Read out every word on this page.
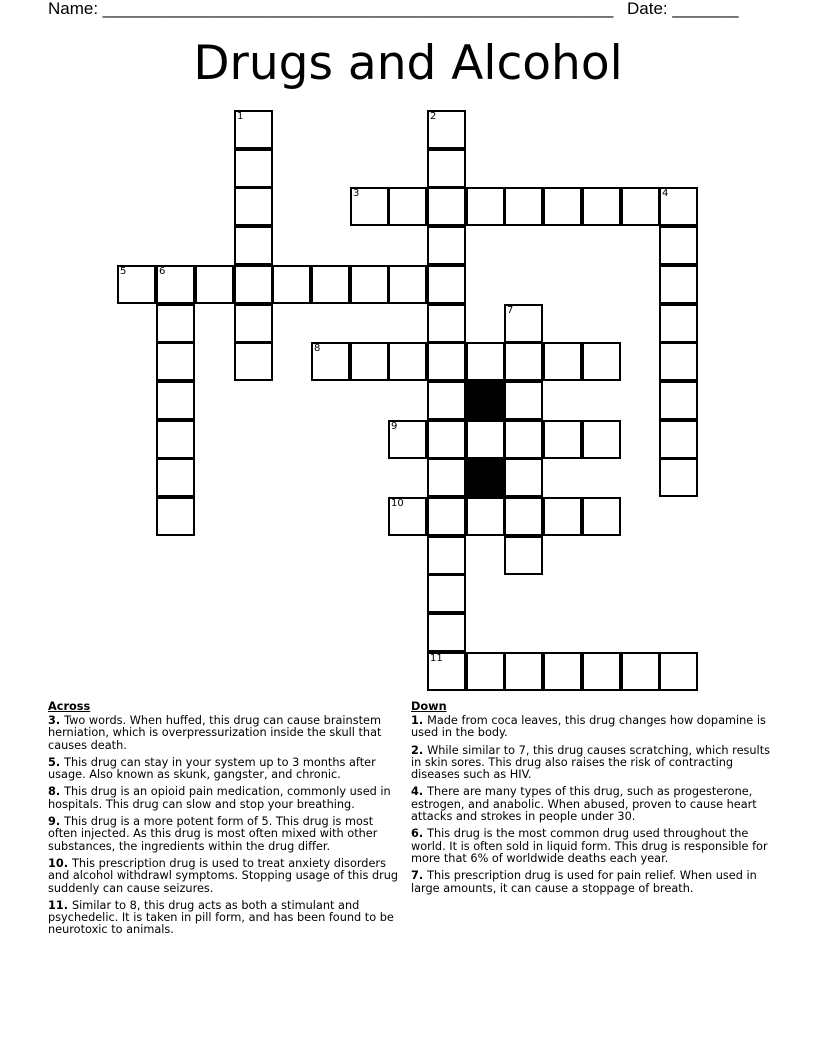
Name: ______________________________________________________ Date: _______
Drugs and Alcohol
1	2
11
3	4
5	6
7
8
9
10
Across
3. Two words. When huffed, this drug can cause brainstem herniation, which is overpressurization inside the skull that causes death.
5. This drug can stay in your system up to 3 months after usage. Also known as skunk, gangster, and chronic.
8. This drug is an opioid pain medication, commonly used in hospitals. This drug can slow and stop your breathing.
9. This drug is a more potent form of 5. This drug is most often injected. As this drug is most often mixed with other substances, the ingredients within the drug differ.
10. This prescription drug is used to treat anxiety disorders and alcohol withdrawl symptoms. Stopping usage of this drug suddenly can cause seizures.
11. Similar to 8, this drug acts as both a stimulant and psychedelic. It is taken in pill form, and has been found to be neurotoxic to animals.
Down
1. Made from coca leaves, this drug changes how dopamine is used in the body.
2. While similar to 7, this drug causes scratching, which results in skin sores. This drug also raises the risk of contracting diseases such as HIV.
4. There are many types of this drug, such as progesterone, estrogen, and anabolic. When abused, proven to cause heart attacks and strokes in people under 30.
6. This drug is the most common drug used throughout the world. It is often sold in liquid form. This drug is responsible for more that 6% of worldwide deaths each year.
7. This prescription drug is used for pain relief. When used in large amounts, it can cause a stoppage of breath.
